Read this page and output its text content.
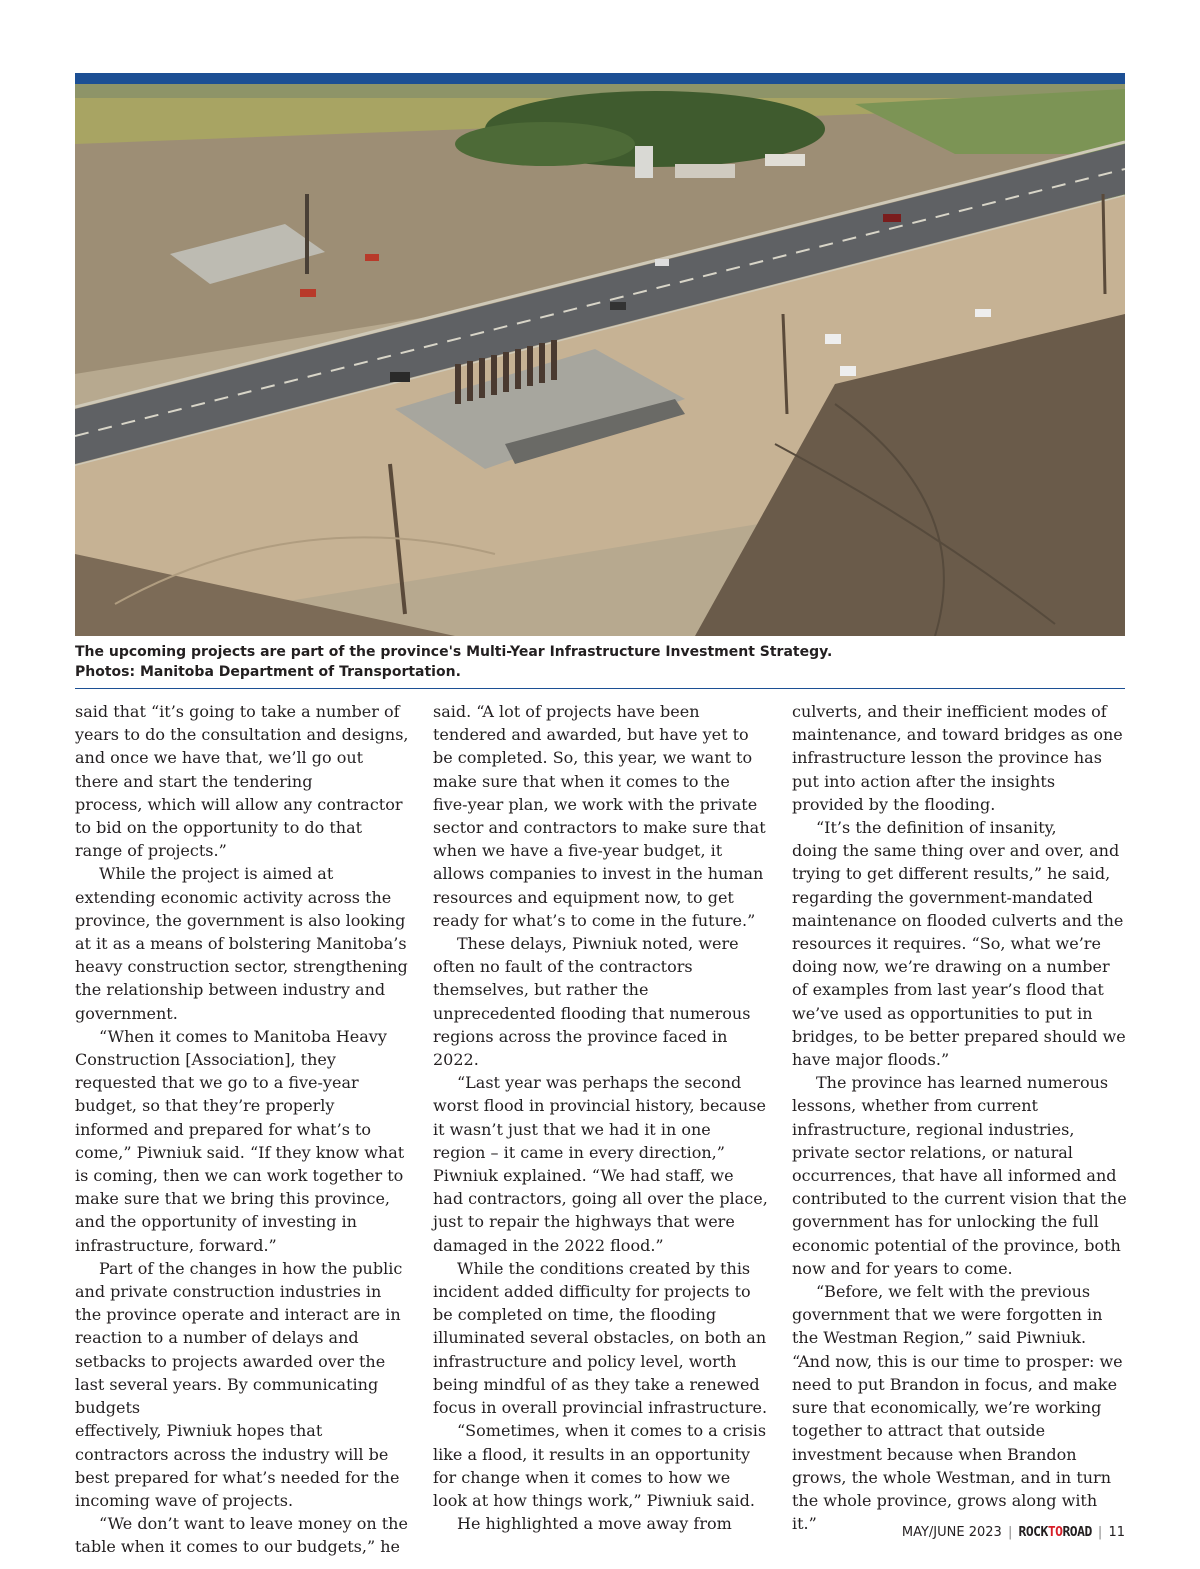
The upcoming projects are part of the province's Multi-Year Infrastructure Investment Strategy.
Photos: Manitoba Department of Transportation.

said that “it’s going to take a number of years to do the consultation and designs, and once we have that, we’ll go out there and start the tendering
process, which will allow any contractor to bid on the opportunity to do that range of projects.”

While the project is aimed at extending economic activity across the province, the government is also looking at it as a means of bolstering Manitoba’s heavy construction sector, strengthening the relationship between industry and government.

“When it comes to Manitoba Heavy Construction [Association], they requested that we go to a five-year budget, so that they’re properly informed and prepared for what’s to come,” Piwniuk said. “If they know what is coming, then we can work together to make sure that we bring this province, and the opportunity of investing in infrastructure, forward.”

Part of the changes in how the public and private construction industries in the province operate and interact are in reaction to a number of delays and setbacks to projects awarded over the last several years. By communicating budgets
effectively, Piwniuk hopes that contractors across the industry will be best prepared for what’s needed for the incoming wave of projects.

“We don’t want to leave money on the table when it comes to our budgets,” he

said. “A lot of projects have been tendered and awarded, but have yet to be completed. So, this year, we want to make sure that when it comes to the five-year plan, we work with the private sector and contractors to make sure that when we have a five-year budget, it allows companies to invest in the human resources and equipment now, to get ready for what’s to come in the future.”

These delays, Piwniuk noted, were often no fault of the contractors themselves, but rather the unprecedented flooding that numerous regions across the province faced in 2022.

“Last year was perhaps the second worst flood in provincial history, because it wasn’t just that we had it in one region – it came in every direction,” Piwniuk explained. “We had staff, we had contractors, going all over the place, just to repair the highways that were damaged in the 2022 flood.”

While the conditions created by this incident added difficulty for projects to be completed on time, the flooding illuminated several obstacles, on both an infrastructure and policy level, worth being mindful of as they take a renewed focus in overall provincial infrastructure.

“Sometimes, when it comes to a crisis like a flood, it results in an opportunity for change when it comes to how we look at how things work,” Piwniuk said.

He highlighted a move away from

culverts, and their inefficient modes of maintenance, and toward bridges as one infrastructure lesson the province has put into action after the insights
provided by the flooding.

“It’s the definition of insanity,
doing the same thing over and over, and trying to get different results,” he said, regarding the government-mandated maintenance on flooded culverts and the resources it requires. “So, what we’re doing now, we’re drawing on a number of examples from last year’s flood that we’ve used as opportunities to put in bridges, to be better prepared should we have major floods.”

The province has learned numerous lessons, whether from current infrastructure, regional industries, private sector relations, or natural occurrences, that have all informed and contributed to the current vision that the government has for unlocking the full economic potential of the province, both now and for years to come.

“Before, we felt with the previous government that we were forgotten in the Westman Region,” said Piwniuk. “And now, this is our time to prosper: we need to put Brandon in focus, and make sure that economically, we’re working together to attract that outside investment because when Brandon grows, the whole Westman, and in turn the whole province, grows along with it.”	MAY/JUNE 2023 | ROCKTOROAD | 11
